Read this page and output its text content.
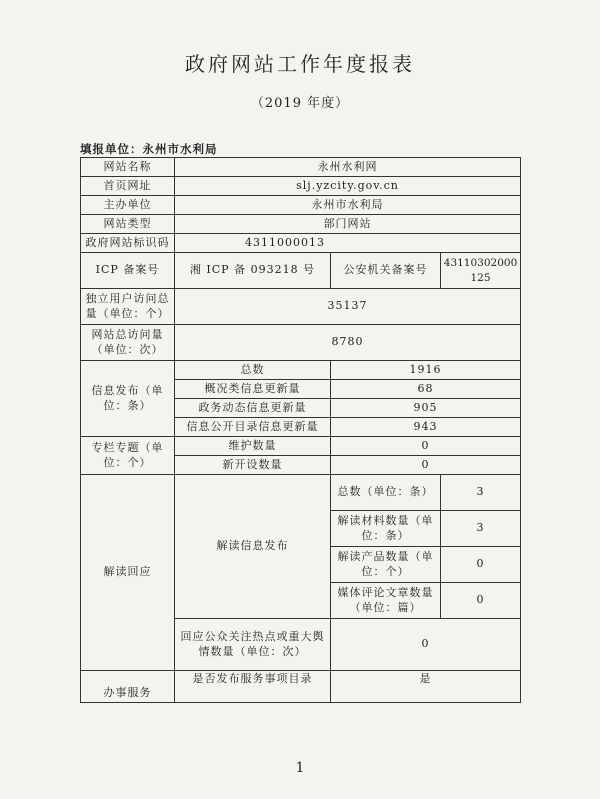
政府网站工作年度报表
（2019 年度）
填报单位：永州市水利局
网站名称	永州水利网		
首页网址	slj.yzcity.gov.cn		
主办单位	永州市水利局		
网站类型	部门网站		
政府网站标识码	4311000013		
ICP 备案号	湘 ICP 备 093218 号	公安机关备案号	43110302000125
独立用户访问总量（单位：个）	35137		
网站总访问量（单位：次）	8780		
信息发布（单位：条）	总数	1916	
	概况类信息更新量	68	
	政务动态信息更新量	905	
	信息公开目录信息更新量	943	
专栏专题（单位：个）	维护数量	0	
	新开设数量	0	
解读回应	解读信息发布	总数（单位：条）	3
		解读材料数量（单位：条）	3
		解读产品数量（单位：个）	0
		媒体评论文章数量（单位：篇）	0
	回应公众关注热点或重大舆情数量（单位：次）	0	
办事服务	是否发布服务事项目录	是	
1
